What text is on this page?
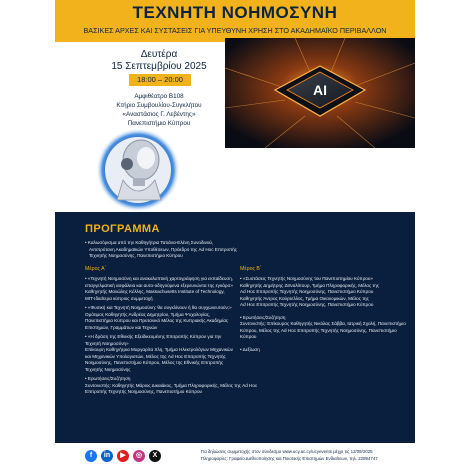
ΤΕΧΝΗΤΗ ΝΟΗΜΟΣΥΝΗ
ΒΑΣΙΚΕΣ ΑΡΧΕΣ ΚΑΙ ΣΥΣΤΑΣΕΙΣ ΓΙΑ ΥΠΕΥΘΥΝΗ ΧΡΗΣΗ ΣΤΟ ΑΚΑΔΗΜΑΪΚΟ ΠΕΡΙΒΑΛΛΟΝ
Δευτέρα
15 Σεπτεμβρίου 2025
18:00 – 20:00
Αμφιθέατρο Β108
Κτήριο Συμβουλίου-Συγκλήτου
«Αναστάσιος Γ. Λεβέντης»
Πανεπιστήμιο Κύπρου
AI
ΠΡΟΓΡΑΜΜΑ
• Καλωσόρισμα από την Καθηγήτρια Τατιάνα-Ελένη Συνοδινού,
Αντιπρύτανη Ακαδημαϊκών Υποθέσεων, Πρόεδρο της Ad Hoc Επιτροπής
Τεχνητής Νοημοσύνης, Πανεπιστήμιο Κύπρου
Μέρος Α΄
• «Τεχνητή Νοημοσύνη και ανακαλυπτική χαρτογράφηση για εκπαίδευση,
επαγγελματική ασφάλεια και αυτο-οδηγούμενα εξερευνώντα της εγκάρσ»
Καθηγητής Μανώλης Κέλλης, Massachusetts Institute of Technology,
MIT-Ιδιαίτερα κύπριος συμμετοχή
• «Φυσική και Τεχνητή Νοημοσύνη: θα συγκλίνουν ή θα συγχωνευτούν;»
Ομότιμος Καθηγητής Ανδρέας Δημητρίου, Τμήμα Ψυχολογίας,
Πανεπιστήμιο Κύπρου και Πρυτανικό Μέλος της Κυπριακής Ακαδημίας
Επιστημών, Γραμμάτων και Τεχνών
• «Η δράση της Εθνικής Εξειδικευμένης Επιτροπής Κύπρου για την
Τεχνητή Νοημοσύνη»
Επίκουρη Καθηγήτρια Μαργαρίτα Χλη, Τμήμα Ηλεκτρολόγων Μηχανικών
και Μηχανικών Υπολογιστών, Μέλος της Ad Hoc Επιτροπής Τεχνητής
Νοημοσύνης, Πανεπιστήμιο Κύπρου, Μέλος της Εθνικής Επιτροπής
Τεχνητής Νοημοσύνης
• Ερωτήσεις/Συζήτηση
Συντονιστής: Καθηγητής Μάριος Δικαιάκος, Τμήμα Πληροφορικής, Μέλος της Ad Hoc
Επιτροπής Τεχνητής Νοημοσύνης, Πανεπιστήμιο Κύπρου
Μέρος Β΄
• «Συστάσεις Τεχνητής Νοημοσύνης του Πανεπιστημίου Κύπρου»
Καθηγητής Δημήτρης Ζεϊναλίπουρ, Τμήμα Πληροφορικής, Μέλος της
Ad Hoc Επιτροπής Τεχνητής Νοημοσύνης, Πανεπιστήμιο Κύπρου
Καθηγητής Άντρος Κούρτελλος, Τμήμα Οικονομικών, Μέλος της
Ad Hoc Επιτροπής Τεχνητής Νοημοσύνης, Πανεπιστήμιο Κύπρου
• Ερωτήσεις/Συζήτηση
Συντονιστής: Επίκουρος Καθηγητής Νικόλας Σάββα, Ιατρική Σχολή, Πανεπιστήμιο
Κύπρου, Μέλος της Ad Hoc Επιτροπής Τεχνητής Νοημοσύνης, Πανεπιστήμιο Κύπρου
• Δεξίωση
f	in	▶	◎	X
Για δηλώσεις συμμετοχής στον σύνδεσμο www.ucy.ac.cy/ucyevents μέχρι τις 12/09/2025
Πληροφορίες: Γραφείο Διεθνοποίησης και Ποιοτικής Επιστημών Ενδιαίτεων, τηλ. 22894747
